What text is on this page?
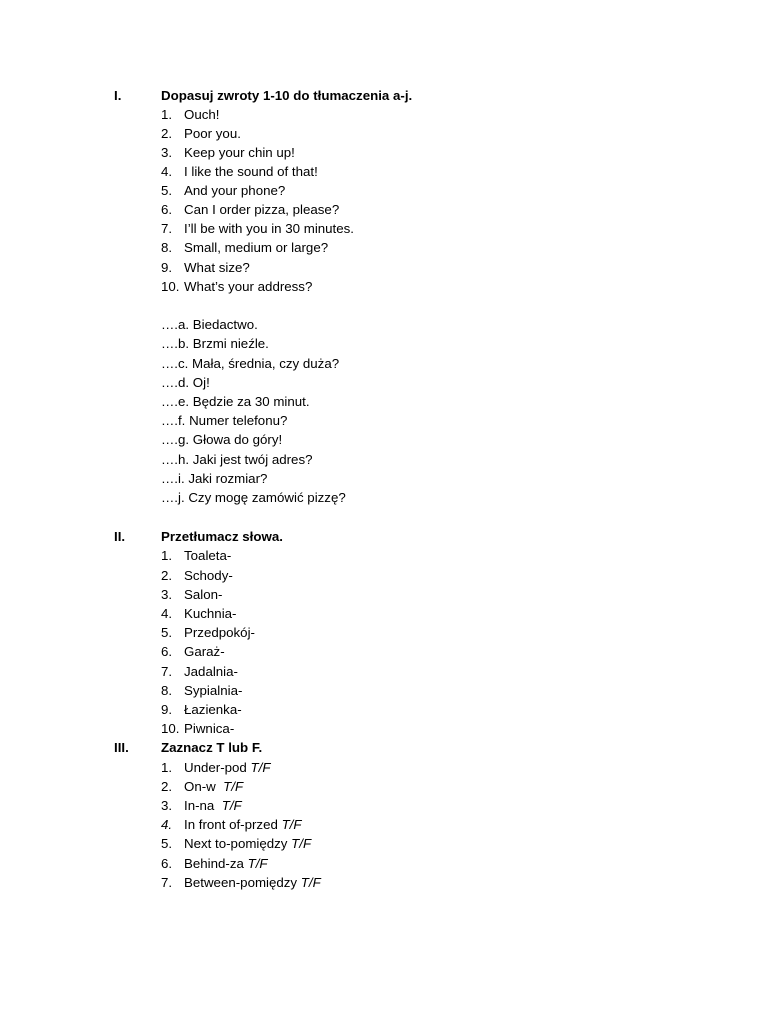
I.	Dopasuj zwroty 1-10 do tłumaczenia a-j.
1. Ouch!
2. Poor you.
3. Keep your chin up!
4. I like the sound of that!
5. And your phone?
6. Can I order pizza, please?
7. I’ll be with you in 30 minutes.
8. Small, medium or large?
9. What size?
10. What’s your address?
….a. Biedactwo.
….b. Brzmi nieźle.
….c. Mała, średnia, czy duża?
….d. Oj!
….e. Będzie za 30 minut.
….f. Numer telefonu?
….g. Głowa do góry!
….h. Jaki jest twój adres?
….i. Jaki rozmiar?
….j. Czy mogę zamówić pizzę?
II.	Przetłumacz słowa.
1. Toaleta-
2. Schody-
3. Salon-
4. Kuchnia-
5. Przedpokój-
6. Garaż-
7. Jadalnia-
8. Sypialnia-
9. Łazienka-
10. Piwnica-
III. Zaznacz T lub F.
1. Under-pod T/F
2. On-w  T/F
3. In-na  T/F
4. In front of-przed T/F
5. Next to-pomiędzy T/F
6. Behind-za T/F
7. Between-pomiędzy T/F
